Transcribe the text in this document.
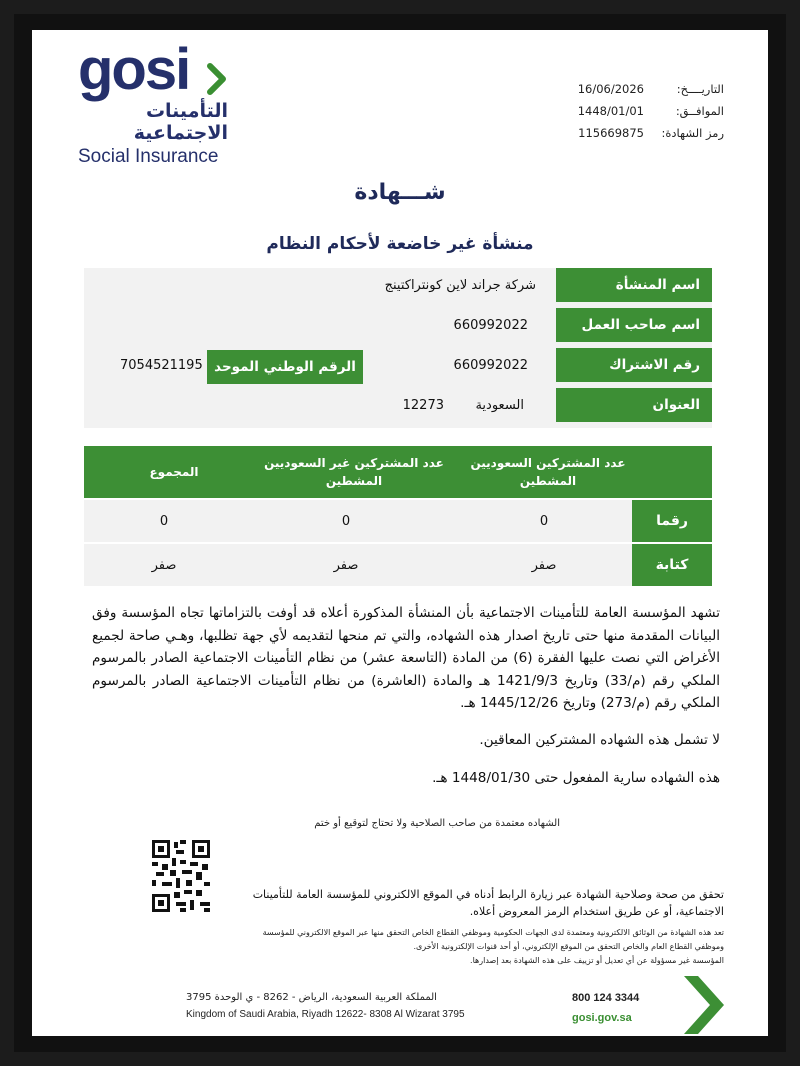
gosi
التأمينات الاجتماعية
Social Insurance
التاريــــخ:
16/06/2026
الموافــق:
1448/01/01
رمز الشهادة:
115669875
شـــهادة
منشأة غير خاضعة لأحكام النظام
اسم المنشأة
اسم صاحب العمل
رقم الاشتراك
العنوان
شركة جراند لاين كونتراكتينج
660992022
660992022
السعودية
12273
الرقم الوطني الموحد
7054521195
عدد المشتركين السعوديين المشطين
عدد المشتركين غير السعوديين المشطين
المجموع
رقما
0
0
0
كتابة
صفر
صفر
صفر
تشهد المؤسسة العامة للتأمينات الاجتماعية بأن المنشأة المذكورة أعلاه قد أوفت بالتزاماتها تجاه المؤسسة وفق البيانات المقدمة منها حتى تاريخ اصدار هذه الشهاده، والتي تم منحها لتقديمه لأي جهة تظلبها، وهـي صاحة لجميع الأغراض التي نصت عليها الفقرة (6) من المادة (التاسعة عشر) من نظام التأمينات الاجتماعية الصادر بالمرسوم الملكي رقم (م/33) وتاريخ 1421/9/3 هـ والمادة (العاشرة) من نظام التأمينات الاجتماعية الصادر بالمرسوم الملكي رقم (م/273) وتاريخ 1445/12/26 هـ.
لا تشمل هذه الشهاده المشتركين المعاقين.
هذه الشهاده سارية المفعول حتى 1448/01/30 هـ.
الشهاده معتمدة من صاحب الصلاحية ولا تحتاج لتوقيع أو ختم
تحقق من صحة وصلاحية الشهادة عبر زيارة الرابط أدناه في الموقع الالكتروني للمؤسسة العامة للتأمينات الاجتماعية، أو عن طريق استخدام الرمز المعروض أعلاه.
تعد هذه الشهادة من الوثائق الالكترونية ومعتمدة لدى الجهات الحكومية وموظفي القطاع الخاص التحقق منها عبر الموقع الالكتروني للمؤسسة
وموظفي القطاع العام والخاص التحقق من الموقع الإلكتروني، أو أحد قنوات الإلكترونية الأخرى.
المؤسسة غير مسؤولة عن أي تعديل أو تزييف على هذه الشهادة بعد إصدارها.
المملكة العربية السعودية، الرياض - 8262 - ي الوحدة 3795
Kingdom of Saudi Arabia, Riyadh 12622- 8308 Al Wizarat 3795
800 124 3344
gosi.gov.sa
